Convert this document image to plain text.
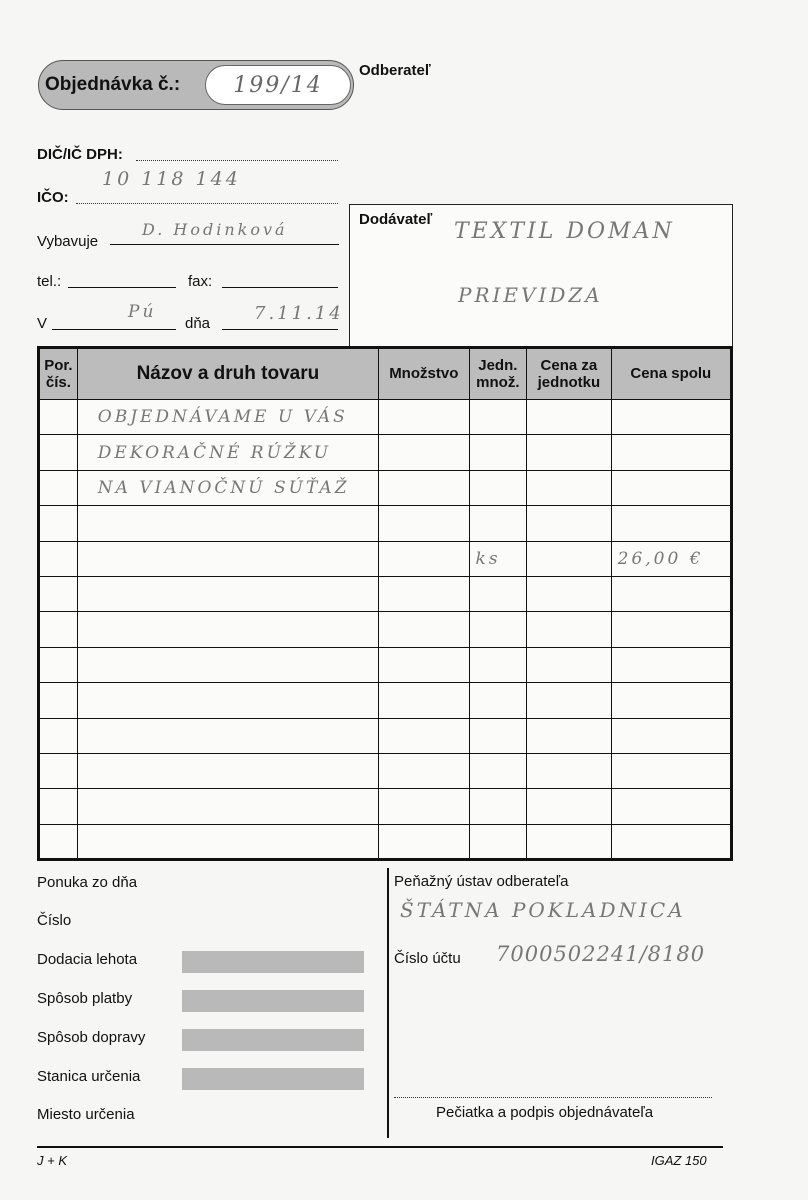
Objednávka č.: 199/14
Odberateľ
DIČ/IČ DPH:
IČO:
10 118 144
Vybavuje
D. Hodinková
tel.:	fax:
V
Pú
dňa 7.11.14
Dodávateľ TEXTIL DOMAN
PRIEVIDZA
Por. čís.	Názov a druh tovaru	Množstvo	Jedn. množ.	Cena za jednotku	Cena spolu
	OBJEDNÁVAME U VÁS				
	DEKORAČNÉ RÚŽKU				
	NA VIANOČNÚ SÚŤAŽ				

			ks		26,00 €

Ponuka zo dňa
Číslo
Dodacia lehota
Spôsob platby
Spôsob dopravy
Stanica určenia
Miesto určenia
Peňažný ústav odberateľa
ŠTÁTNA POKLADNICA
Číslo účtu 7000502241/8180
Pečiatka a podpis objednávateľa
J + K	IGAZ 150
